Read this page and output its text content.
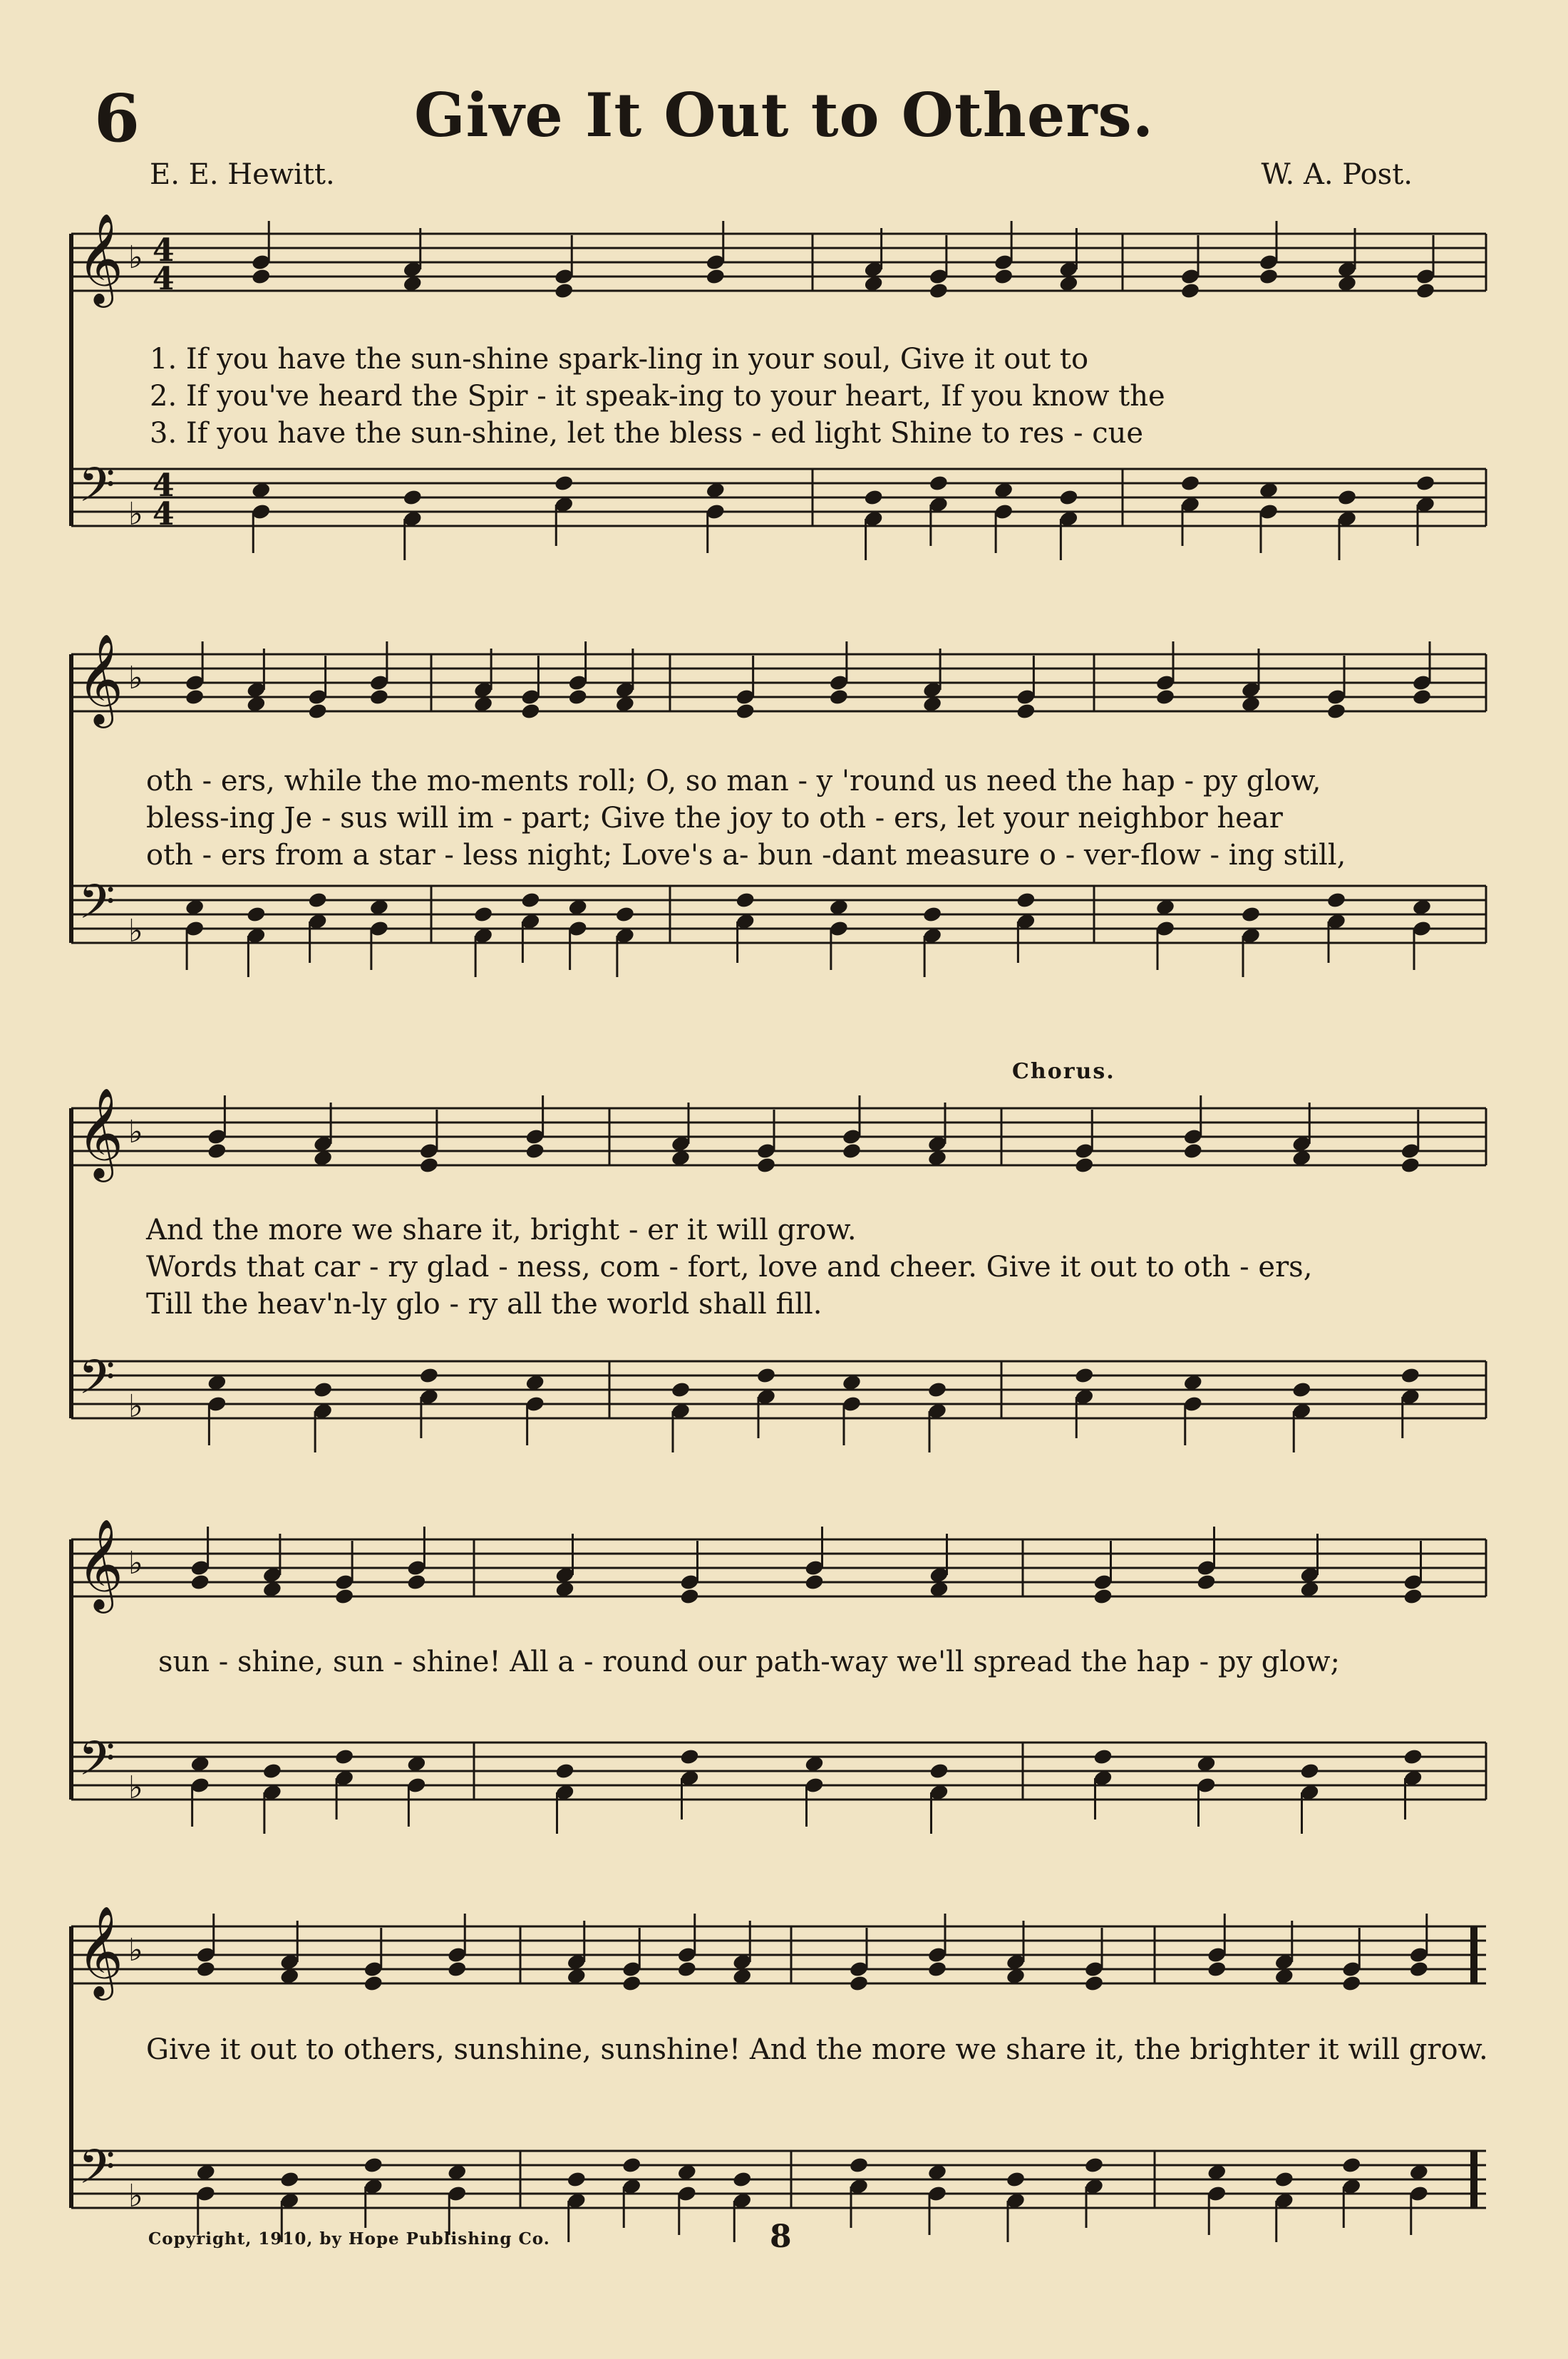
6	Give It Out to Others.
E. E. Hewitt.	W. A. Post.
𝄞
𝄢
♭
♭
4
4
4
4
1. If you have the sun-shine spark-ling in your soul, Give it out to
2. If you've heard the Spir - it speak-ing to your heart, If you know the
3. If you have the sun-shine, let the bless - ed light Shine to res - cue
𝄞
𝄢
♭
♭
oth - ers, while the mo-ments roll; O, so man - y 'round us need the hap - py glow,
bless-ing Je - sus will im - part; Give the joy to oth - ers, let your neighbor hear
oth - ers from a star - less night; Love's a- bun -dant measure o - ver-flow - ing still,
Chorus.
𝄞
𝄢
♭
♭
And the more we share it, bright - er it will grow.
Words that car - ry glad - ness, com - fort, love and cheer. Give it out to oth - ers,
Till the heav'n-ly glo - ry all the world shall fill.
𝄞
𝄢
♭
♭
sun - shine, sun - shine! All a - round our path-way we'll spread the hap - py glow;
𝄞
𝄢
♭
♭
Give it out to others, sunshine, sunshine! And the more we share it, the brighter it will grow.
Copyright, 1910, by Hope Publishing Co.	8
